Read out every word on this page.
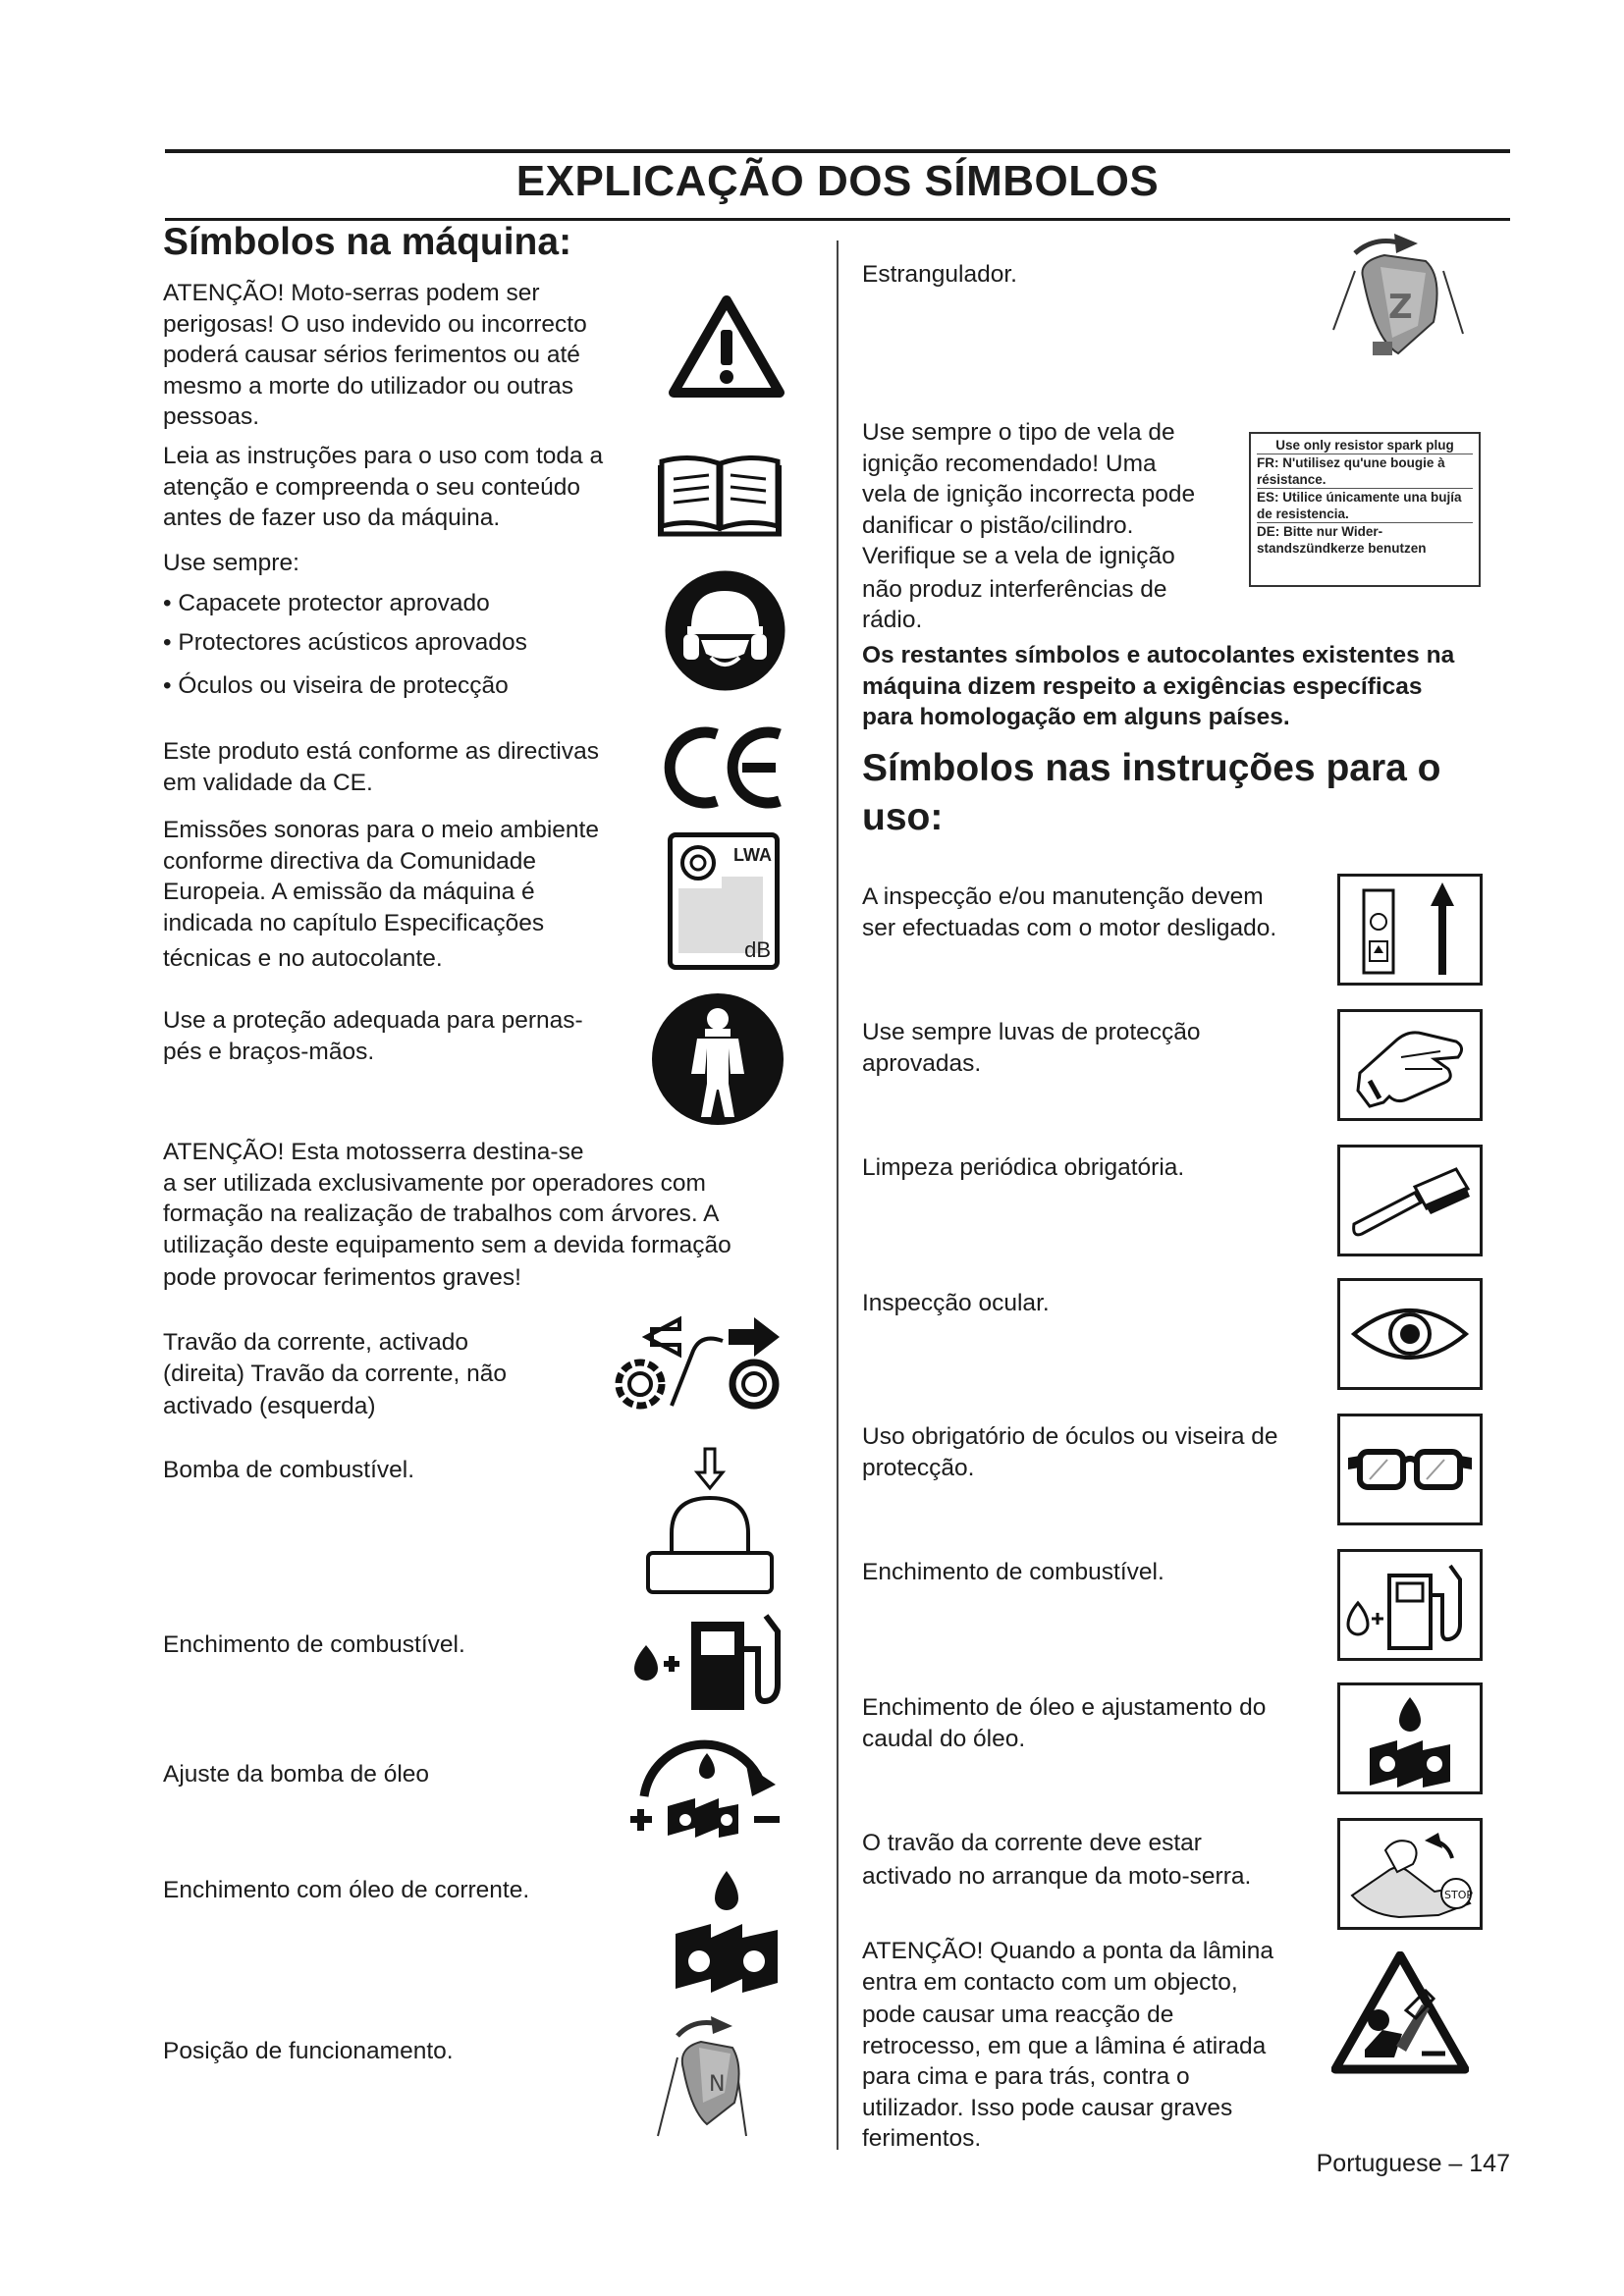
EXPLICAÇÃO DOS SÍMBOLOS
Símbolos na máquina:
ATENÇÃO! Moto-serras podem ser
perigosas! O uso indevido ou incorrecto
poderá causar sérios ferimentos ou até
mesmo a morte do utilizador ou outras
pessoas.
Leia as instruções para o uso com toda a
atenção e compreenda o seu conteúdo
antes de fazer uso da máquina.
Use sempre:
• Capacete protector aprovado
• Protectores acústicos aprovados
• Óculos ou viseira de protecção
Este produto está conforme as directivas
em validade da CE.
Emissões sonoras para o meio ambiente
conforme directiva da Comunidade
Europeia. A emissão da máquina é
indicada no capítulo Especificações
técnicas e no autocolante.
LWA
dB
Use a proteção adequada para pernas-
pés e braços-mãos.
ATENÇÃO! Esta motosserra destina-se
a ser utilizada exclusivamente por operadores com
formação na realização de trabalhos com árvores. A
utilização deste equipamento sem a devida formação
pode provocar ferimentos graves!
Travão da corrente, activado
(direita) Travão da corrente, não
activado (esquerda)
Bomba de combustível.
Enchimento de combustível.
Ajuste da bomba de óleo
Enchimento com óleo de corrente.
Posição de funcionamento.
N
Estrangulador.
Z
Use sempre o tipo de vela de
ignição recomendado! Uma
vela de ignição incorrecta pode
danificar o pistão/cilindro.
Verifique se a vela de ignição
não produz interferências de
rádio.
Use only resistor spark plug
FR: N'utilisez qu'une bougie à résistance.
ES: Utilice únicamente una bujía de resistencia.
DE: Bitte nur Wider-standszündkerze benutzen
Os restantes símbolos e autocolantes existentes na
máquina dizem respeito a exigências específicas
para homologação em alguns países.
Símbolos nas instruções para o
uso:
A inspecção e/ou manutenção devem
ser efectuadas com o motor desligado.
Use sempre luvas de protecção
aprovadas.
Limpeza periódica obrigatória.
Inspecção ocular.
Uso obrigatório de óculos ou viseira de
protecção.
Enchimento de combustível.
Enchimento de óleo e ajustamento do
caudal do óleo.
O travão da corrente deve estar
activado no arranque da moto-serra.
STOP
ATENÇÃO! Quando a ponta da lâmina
entra em contacto com um objecto,
pode causar uma reacção de
retrocesso, em que a lâmina é atirada
para cima e para trás, contra o
utilizador. Isso pode causar graves
ferimentos.
Portuguese – 147
